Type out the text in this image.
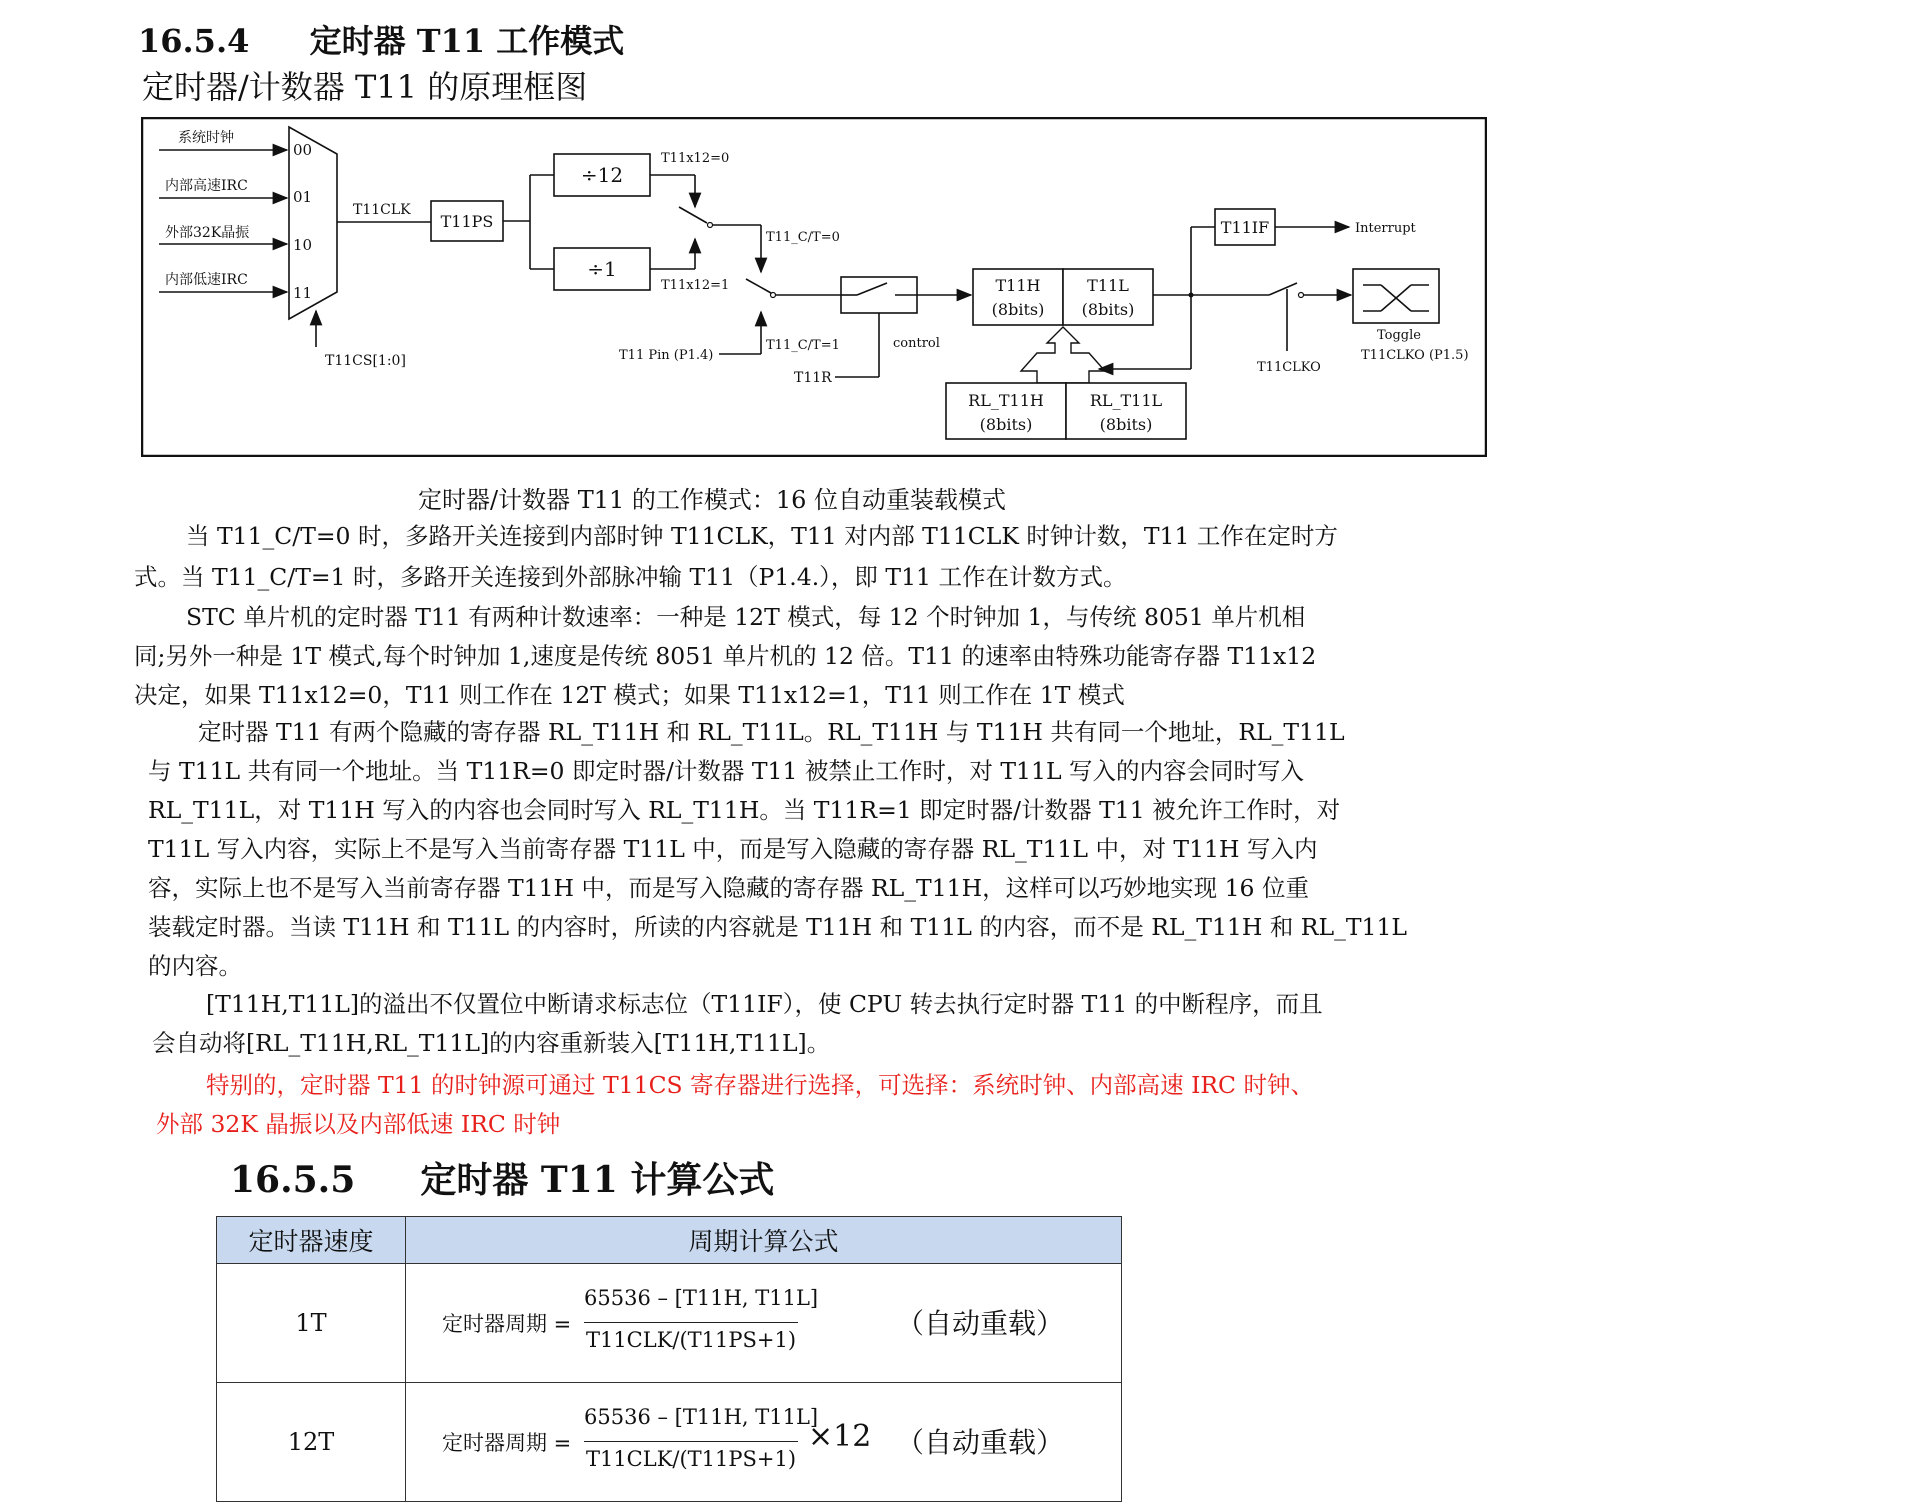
16.5.4 定时器 T11 工作模式
定时器/计数器 T11 的原理框图
系统时钟
内部高速IRC
外部32K晶振
内部低速IRC
00
01
10
11
T11CS[1:0]
T11CLK
T11PS
÷12
÷1
T11x12=0
T11x12=1
T11_C/T=0
T11 Pin (P1.4)
T11_C/T=1	control
T11R
T11H
(8bits)
T11L
(8bits)
RL_T11H
(8bits)
RL_T11L
(8bits)
T11IF	Interrupt
T11CLKO
Toggle
T11CLKO (P1.5)
定时器/计数器 T11 的工作模式：16 位自动重装载模式
当 T11_C/T=0 时，多路开关连接到内部时钟 T11CLK，T11 对内部 T11CLK 时钟计数，T11 工作在定时方
式。当 T11_C/T=1 时，多路开关连接到外部脉冲输 T11（P1.4.），即 T11 工作在计数方式。
STC 单片机的定时器 T11 有两种计数速率：一种是 12T 模式，每 12 个时钟加 1，与传统 8051 单片机相
同;另外一种是 1T 模式,每个时钟加 1,速度是传统 8051 单片机的 12 倍。T11 的速率由特殊功能寄存器 T11x12
决定，如果 T11x12=0，T11 则工作在 12T 模式；如果 T11x12=1，T11 则工作在 1T 模式
定时器 T11 有两个隐藏的寄存器 RL_T11H 和 RL_T11L。RL_T11H 与 T11H 共有同一个地址，RL_T11L
与 T11L 共有同一个地址。当 T11R=0 即定时器/计数器 T11 被禁止工作时，对 T11L 写入的内容会同时写入
RL_T11L，对 T11H 写入的内容也会同时写入 RL_T11H。当 T11R=1 即定时器/计数器 T11 被允许工作时，对
T11L 写入内容，实际上不是写入当前寄存器 T11L 中，而是写入隐藏的寄存器 RL_T11L 中，对 T11H 写入内
容，实际上也不是写入当前寄存器 T11H 中，而是写入隐藏的寄存器 RL_T11H，这样可以巧妙地实现 16 位重
装载定时器。当读 T11H 和 T11L 的内容时，所读的内容就是 T11H 和 T11L 的内容，而不是 RL_T11H 和 RL_T11L
的内容。
[T11H,T11L]的溢出不仅置位中断请求标志位（T11IF），使 CPU 转去执行定时器 T11 的中断程序，而且
会自动将[RL_T11H,RL_T11L]的内容重新装入[T11H,T11L]。
特别的，定时器 T11 的时钟源可通过 T11CS 寄存器进行选择，可选择：系统时钟、内部高速 IRC 时钟、
外部 32K 晶振以及内部低速 IRC 时钟
16.5.5 定时器 T11 计算公式
定时器速度	周期计算公式
1T	定时器周期 =
65536 – [T11H, T11L]
T11CLK/(T11PS+1) （自动重载）

12T	定时器周期 =
65536 – [T11H, T11L]
T11CLK/(T11PS+1)
×12 （自动重载）
